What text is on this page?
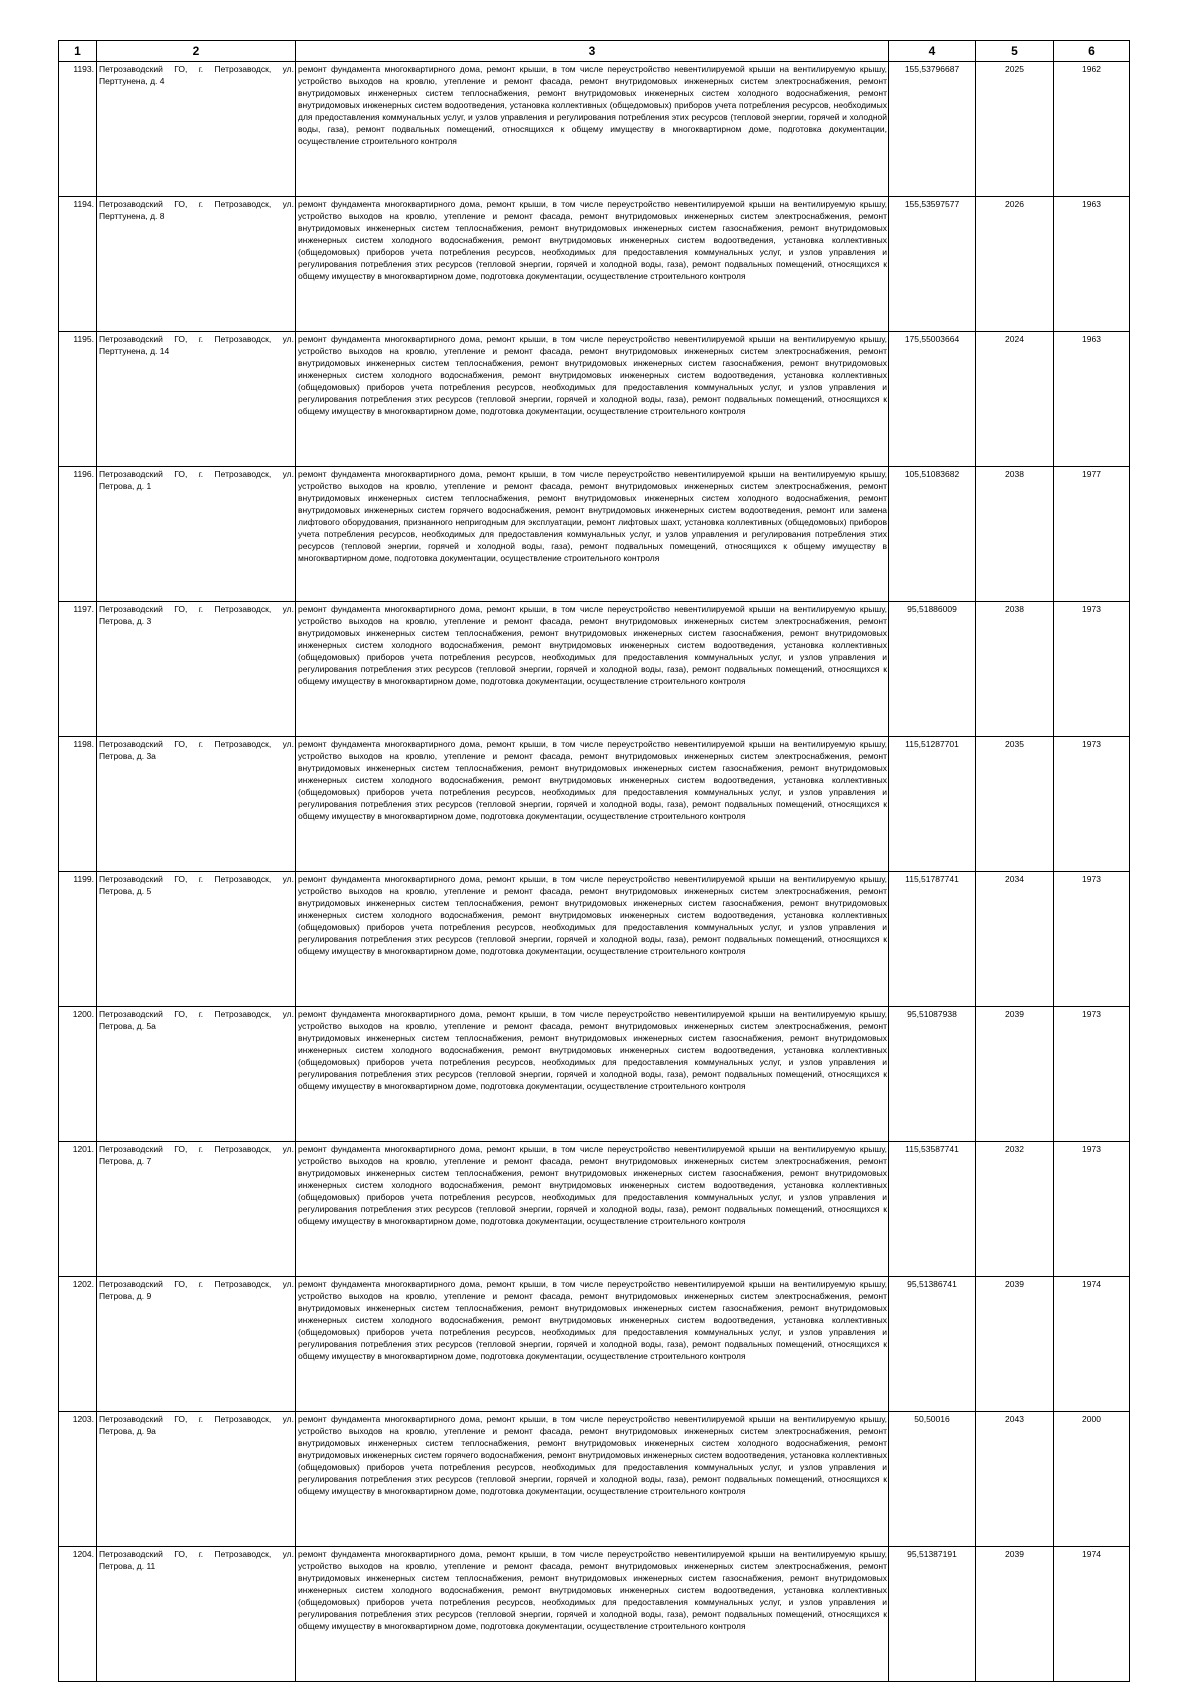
1	2	3	4	5	6
1193.	Петрозаводский ГО, г. Петрозаводск, ул. Перттунена, д. 4	ремонт фундамента многоквартирного дома, ремонт крыши, в том числе переустройство невентилируемой крыши на вентилируемую крышу, устройство выходов на кровлю, утепление и ремонт фасада, ремонт внутридомовых инженерных систем электроснабжения, ремонт внутридомовых инженерных систем теплоснабжения, ремонт внутридомовых инженерных систем холодного водоснабжения, ремонт внутридомовых инженерных систем водоотведения, установка коллективных (общедомовых) приборов учета потребления ресурсов, необходимых для предоставления коммунальных услуг, и узлов управления и регулирования потребления этих ресурсов (тепловой энергии, горячей и холодной воды, газа), ремонт подвальных помещений, относящихся к общему имуществу в многоквартирном доме, подготовка документации, осуществление строительного контроля	155,53796687	2025	1962
1194.	Петрозаводский ГО, г. Петрозаводск, ул. Перттунена, д. 8	ремонт фундамента многоквартирного дома, ремонт крыши, в том числе переустройство невентилируемой крыши на вентилируемую крышу, устройство выходов на кровлю, утепление и ремонт фасада, ремонт внутридомовых инженерных систем электроснабжения, ремонт внутридомовых инженерных систем теплоснабжения, ремонт внутридомовых инженерных систем газоснабжения, ремонт внутридомовых инженерных систем холодного водоснабжения, ремонт внутридомовых инженерных систем водоотведения, установка коллективных (общедомовых) приборов учета потребления ресурсов, необходимых для предоставления коммунальных услуг, и узлов управления и регулирования потребления этих ресурсов (тепловой энергии, горячей и холодной воды, газа), ремонт подвальных помещений, относящихся к общему имуществу в многоквартирном доме, подготовка документации, осуществление строительного контроля	155,53597577	2026	1963
1195.	Петрозаводский ГО, г. Петрозаводск, ул. Перттунена, д. 14	ремонт фундамента многоквартирного дома, ремонт крыши, в том числе переустройство невентилируемой крыши на вентилируемую крышу, устройство выходов на кровлю, утепление и ремонт фасада, ремонт внутридомовых инженерных систем электроснабжения, ремонт внутридомовых инженерных систем теплоснабжения, ремонт внутридомовых инженерных систем газоснабжения, ремонт внутридомовых инженерных систем холодного водоснабжения, ремонт внутридомовых инженерных систем водоотведения, установка коллективных (общедомовых) приборов учета потребления ресурсов, необходимых для предоставления коммунальных услуг, и узлов управления и регулирования потребления этих ресурсов (тепловой энергии, горячей и холодной воды, газа), ремонт подвальных помещений, относящихся к общему имуществу в многоквартирном доме, подготовка документации, осуществление строительного контроля	175,55003664	2024	1963
1196.	Петрозаводский ГО, г. Петрозаводск, ул. Петрова, д. 1	ремонт фундамента многоквартирного дома, ремонт крыши, в том числе переустройство невентилируемой крыши на вентилируемую крышу, устройство выходов на кровлю, утепление и ремонт фасада, ремонт внутридомовых инженерных систем электроснабжения, ремонт внутридомовых инженерных систем теплоснабжения, ремонт внутридомовых инженерных систем холодного водоснабжения, ремонт внутридомовых инженерных систем горячего водоснабжения, ремонт внутридомовых инженерных систем водоотведения, ремонт или замена лифтового оборудования, признанного непригодным для эксплуатации, ремонт лифтовых шахт, установка коллективных (общедомовых) приборов учета потребления ресурсов, необходимых для предоставления коммунальных услуг, и узлов управления и регулирования потребления этих ресурсов (тепловой энергии, горячей и холодной воды, газа), ремонт подвальных помещений, относящихся к общему имуществу в многоквартирном доме, подготовка документации, осуществление строительного контроля	105,51083682	2038	1977
1197.	Петрозаводский ГО, г. Петрозаводск, ул. Петрова, д. 3	ремонт фундамента многоквартирного дома, ремонт крыши, в том числе переустройство невентилируемой крыши на вентилируемую крышу, устройство выходов на кровлю, утепление и ремонт фасада, ремонт внутридомовых инженерных систем электроснабжения, ремонт внутридомовых инженерных систем теплоснабжения, ремонт внутридомовых инженерных систем газоснабжения, ремонт внутридомовых инженерных систем холодного водоснабжения, ремонт внутридомовых инженерных систем водоотведения, установка коллективных (общедомовых) приборов учета потребления ресурсов, необходимых для предоставления коммунальных услуг, и узлов управления и регулирования потребления этих ресурсов (тепловой энергии, горячей и холодной воды, газа), ремонт подвальных помещений, относящихся к общему имуществу в многоквартирном доме, подготовка документации, осуществление строительного контроля	95,51886009	2038	1973
1198.	Петрозаводский ГО, г. Петрозаводск, ул. Петрова, д. 3а	ремонт фундамента многоквартирного дома, ремонт крыши, в том числе переустройство невентилируемой крыши на вентилируемую крышу, устройство выходов на кровлю, утепление и ремонт фасада, ремонт внутридомовых инженерных систем электроснабжения, ремонт внутридомовых инженерных систем теплоснабжения, ремонт внутридомовых инженерных систем газоснабжения, ремонт внутридомовых инженерных систем холодного водоснабжения, ремонт внутридомовых инженерных систем водоотведения, установка коллективных (общедомовых) приборов учета потребления ресурсов, необходимых для предоставления коммунальных услуг, и узлов управления и регулирования потребления этих ресурсов (тепловой энергии, горячей и холодной воды, газа), ремонт подвальных помещений, относящихся к общему имуществу в многоквартирном доме, подготовка документации, осуществление строительного контроля	115,51287701	2035	1973
1199.	Петрозаводский ГО, г. Петрозаводск, ул. Петрова, д. 5	ремонт фундамента многоквартирного дома, ремонт крыши, в том числе переустройство невентилируемой крыши на вентилируемую крышу, устройство выходов на кровлю, утепление и ремонт фасада, ремонт внутридомовых инженерных систем электроснабжения, ремонт внутридомовых инженерных систем теплоснабжения, ремонт внутридомовых инженерных систем газоснабжения, ремонт внутридомовых инженерных систем холодного водоснабжения, ремонт внутридомовых инженерных систем водоотведения, установка коллективных (общедомовых) приборов учета потребления ресурсов, необходимых для предоставления коммунальных услуг, и узлов управления и регулирования потребления этих ресурсов (тепловой энергии, горячей и холодной воды, газа), ремонт подвальных помещений, относящихся к общему имуществу в многоквартирном доме, подготовка документации, осуществление строительного контроля	115,51787741	2034	1973
1200.	Петрозаводский ГО, г. Петрозаводск, ул. Петрова, д. 5а	ремонт фундамента многоквартирного дома, ремонт крыши, в том числе переустройство невентилируемой крыши на вентилируемую крышу, устройство выходов на кровлю, утепление и ремонт фасада, ремонт внутридомовых инженерных систем электроснабжения, ремонт внутридомовых инженерных систем теплоснабжения, ремонт внутридомовых инженерных систем газоснабжения, ремонт внутридомовых инженерных систем холодного водоснабжения, ремонт внутридомовых инженерных систем водоотведения, установка коллективных (общедомовых) приборов учета потребления ресурсов, необходимых для предоставления коммунальных услуг, и узлов управления и регулирования потребления этих ресурсов (тепловой энергии, горячей и холодной воды, газа), ремонт подвальных помещений, относящихся к общему имуществу в многоквартирном доме, подготовка документации, осуществление строительного контроля	95,51087938	2039	1973
1201.	Петрозаводский ГО, г. Петрозаводск, ул. Петрова, д. 7	ремонт фундамента многоквартирного дома, ремонт крыши, в том числе переустройство невентилируемой крыши на вентилируемую крышу, устройство выходов на кровлю, утепление и ремонт фасада, ремонт внутридомовых инженерных систем электроснабжения, ремонт внутридомовых инженерных систем теплоснабжения, ремонт внутридомовых инженерных систем газоснабжения, ремонт внутридомовых инженерных систем холодного водоснабжения, ремонт внутридомовых инженерных систем водоотведения, установка коллективных (общедомовых) приборов учета потребления ресурсов, необходимых для предоставления коммунальных услуг, и узлов управления и регулирования потребления этих ресурсов (тепловой энергии, горячей и холодной воды, газа), ремонт подвальных помещений, относящихся к общему имуществу в многоквартирном доме, подготовка документации, осуществление строительного контроля	115,53587741	2032	1973
1202.	Петрозаводский ГО, г. Петрозаводск, ул. Петрова, д. 9	ремонт фундамента многоквартирного дома, ремонт крыши, в том числе переустройство невентилируемой крыши на вентилируемую крышу, устройство выходов на кровлю, утепление и ремонт фасада, ремонт внутридомовых инженерных систем электроснабжения, ремонт внутридомовых инженерных систем теплоснабжения, ремонт внутридомовых инженерных систем газоснабжения, ремонт внутридомовых инженерных систем холодного водоснабжения, ремонт внутридомовых инженерных систем водоотведения, установка коллективных (общедомовых) приборов учета потребления ресурсов, необходимых для предоставления коммунальных услуг, и узлов управления и регулирования потребления этих ресурсов (тепловой энергии, горячей и холодной воды, газа), ремонт подвальных помещений, относящихся к общему имуществу в многоквартирном доме, подготовка документации, осуществление строительного контроля	95,51386741	2039	1974
1203.	Петрозаводский ГО, г. Петрозаводск, ул. Петрова, д. 9а	ремонт фундамента многоквартирного дома, ремонт крыши, в том числе переустройство невентилируемой крыши на вентилируемую крышу, устройство выходов на кровлю, утепление и ремонт фасада, ремонт внутридомовых инженерных систем электроснабжения, ремонт внутридомовых инженерных систем теплоснабжения, ремонт внутридомовых инженерных систем холодного водоснабжения, ремонт внутридомовых инженерных систем горячего водоснабжения, ремонт внутридомовых инженерных систем водоотведения, установка коллективных (общедомовых) приборов учета потребления ресурсов, необходимых для предоставления коммунальных услуг, и узлов управления и регулирования потребления этих ресурсов (тепловой энергии, горячей и холодной воды, газа), ремонт подвальных помещений, относящихся к общему имуществу в многоквартирном доме, подготовка документации, осуществление строительного контроля	50,50016	2043	2000
1204.	Петрозаводский ГО, г. Петрозаводск, ул. Петрова, д. 11	ремонт фундамента многоквартирного дома, ремонт крыши, в том числе переустройство невентилируемой крыши на вентилируемую крышу, устройство выходов на кровлю, утепление и ремонт фасада, ремонт внутридомовых инженерных систем электроснабжения, ремонт внутридомовых инженерных систем теплоснабжения, ремонт внутридомовых инженерных систем газоснабжения, ремонт внутридомовых инженерных систем холодного водоснабжения, ремонт внутридомовых инженерных систем водоотведения, установка коллективных (общедомовых) приборов учета потребления ресурсов, необходимых для предоставления коммунальных услуг, и узлов управления и регулирования потребления этих ресурсов (тепловой энергии, горячей и холодной воды, газа), ремонт подвальных помещений, относящихся к общему имуществу в многоквартирном доме, подготовка документации, осуществление строительного контроля	95,51387191	2039	1974
